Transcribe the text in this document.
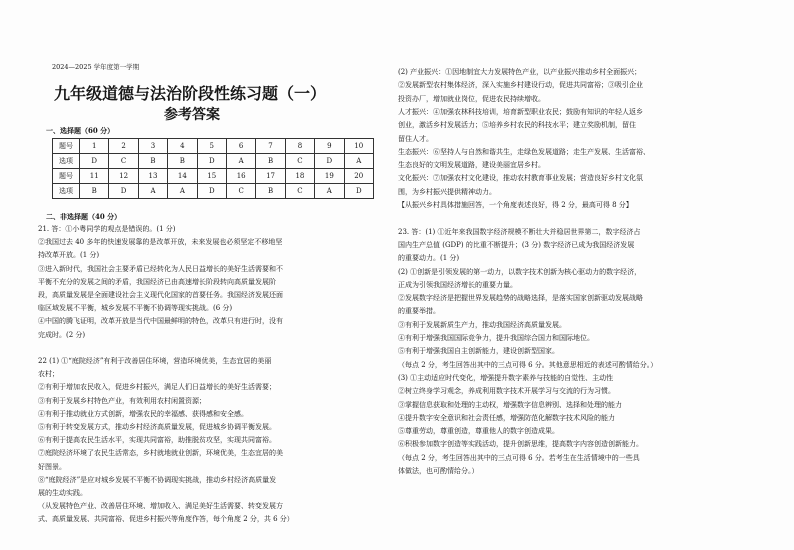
2024—2025 学年度第一学期
九年级道德与法治阶段性练习题（一）
参考答案
一、选择题（60 分）
题号	1	2	3	4	5	6	7	8	9	10
选项	D	C	B	B	D	A	B	C	D	A
题号	11	12	13	14	15	16	17	18	19	20
选项	B	D	A	A	D	C	B	C	A	D
二、非选择题（40 分）
21. 答：①小粤同学的观点是错误的。(1 分)
②我国过去 40 多年的快速发展靠的是改革开放，未来发展也必须坚定不移地坚
持改革开放。(1 分)
③进入新时代，我国社会主要矛盾已经转化为人民日益增长的美好生活需要和不
平衡不充分的发展之间的矛盾，我国经济已由高速增长阶段转向高质量发展阶
段，高质量发展是全面建设社会主义现代化国家的首要任务。我国经济发展还面
临区域发展不平衡，城乡发展不平衡不协调等现实挑战。(6 分)
④中国的腾飞证明，改革开放是当代中国最鲜明的特色，改革只有进行时，没有
完成时。(2 分)
22 (1) ①“庭院经济”有利于改善居住环境，营造环境优美，生态宜居的美丽
农村；
②有利于增加农民收入，促进乡村振兴，满足人们日益增长的美好生活需要；
③有利于发展乡村特色产业，有效利用农村闲置资源；
④有利于推动就业方式创新，增强农民的幸福感、获得感和安全感。
⑤有利于转变发展方式，推动乡村经济高质量发展，促进城乡协调平衡发展。
⑥有利于提高农民生活水平，实现共同富裕，助推脱贫攻坚，实现共同富裕。
⑦庭院经济坏境了农民生活常态，乡村就地就业创新，环境优美，生态宜居的美
好图景。
⑧“庭院经济”是应对城乡发展不平衡不协调现实挑战，推动乡村经济高质量发
展的生动实践。
（从发展特色产业、改善居住环境、增加收入、满足美好生活需要、转变发展方
式、高质量发展、共同富裕、促进乡村振兴等角度作答，每个角度 2 分，共 6 分）
(2) 产业振兴：①因地制宜大力发展特色产业，以产业振兴推动乡村全面振兴；
②发展新型农村集体经济，深入实施乡村建设行动，促进共同富裕；③吸引企业
投资办厂，增加就业岗位，促进农民持续增收。
人才振兴：④加强农林科技培训，培育新型职业农民；鼓励有知识的年轻人返乡
创业，激活乡村发展活力；⑤培养乡村农民的科技水平；建立奖励机制，留住
留住人才。
生态振兴：⑥坚持人与自然和谐共生，走绿色发展道路；走生产发展、生活富裕、
生态良好的文明发展道路，建设美丽宜居乡村。
文化振兴：⑦加强农村文化建设，推动农村教育事业发展；营造良好乡村文化氛
围，为乡村振兴提供精神动力。
【从振兴乡村具体措施回答，一个角度表述良好，得 2 分，最高可得 8 分】
23. 答：(1) ①近年来我国数字经济规模不断壮大并稳居世界第二，数字经济占
国内生产总值 (GDP) 的比重不断提升；(3 分) 数字经济已成为我国经济发展
的重要动力。(1 分)
(2) ①创新是引领发展的第一动力，以数字技术创新为核心驱动力的数字经济，
正成为引领我国经济增长的重要力量。
②发展数字经济是把握世界发展趋势的战略选择，是落实国家创新驱动发展战略
的重要举措。
③有利于发展新质生产力，推动我国经济高质量发展。
④有利于增强我国国际竞争力，提升我国综合国力和国际地位。
⑤有利于增强我国自主创新能力，建设创新型国家。
（每点 2 分，考生回答出其中的三点可得 6 分。其他意思相近的表述可酌情给分。）
(3) ①主动适应时代变化，增强提升数字素养与技能的自觉性、主动性
②树立终身学习观念，养成利用数字技术开展学习与交流的行为习惯。
③掌握信息获取和处理的主动权，增强数字信息辨别、选择和处理的能力
④提升数字安全意识和社会责任感，增强防范化解数字技术风险的能力
⑤尊重劳动，尊重创造，尊重他人的数字创造成果。
⑥积极参加数字创造等实践活动，提升创新思维，提高数字内容创造创新能力。
（每点 2 分，考生回答出其中的三点可得 6 分。若考生在生活情境中的一些具
体做法，也可酌情给分。）
